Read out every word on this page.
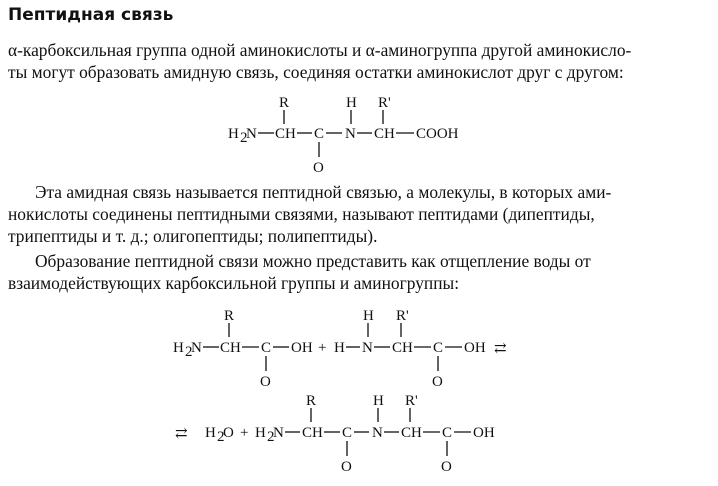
Пептидная связь
α-карбоксильная группа одной аминокислоты и α-аминогруппа другой аминокисло-
ты могут образовать амидную связь, соединяя остатки аминокислот друг с другом:
R	H R'
H 2
N CH C N CH COOH
O
Эта амидная связь называется пептидной связью, а молекулы, в которых ами-
нокислоты соединены пептидными связями, называют пептидами (дипептиды,
трипептиды и т. д.; олигопептиды; полипептиды).
Образование пептидной связи можно представить как отщепление воды от
взаимодействующих карбоксильной группы и аминогруппы:
R	H R'
H 2
N CH C OH + H N CH C OH ⇄
O	O
R	H R'
⇄ H 2
O + H 2
N CH C N CH C OH
O	O
